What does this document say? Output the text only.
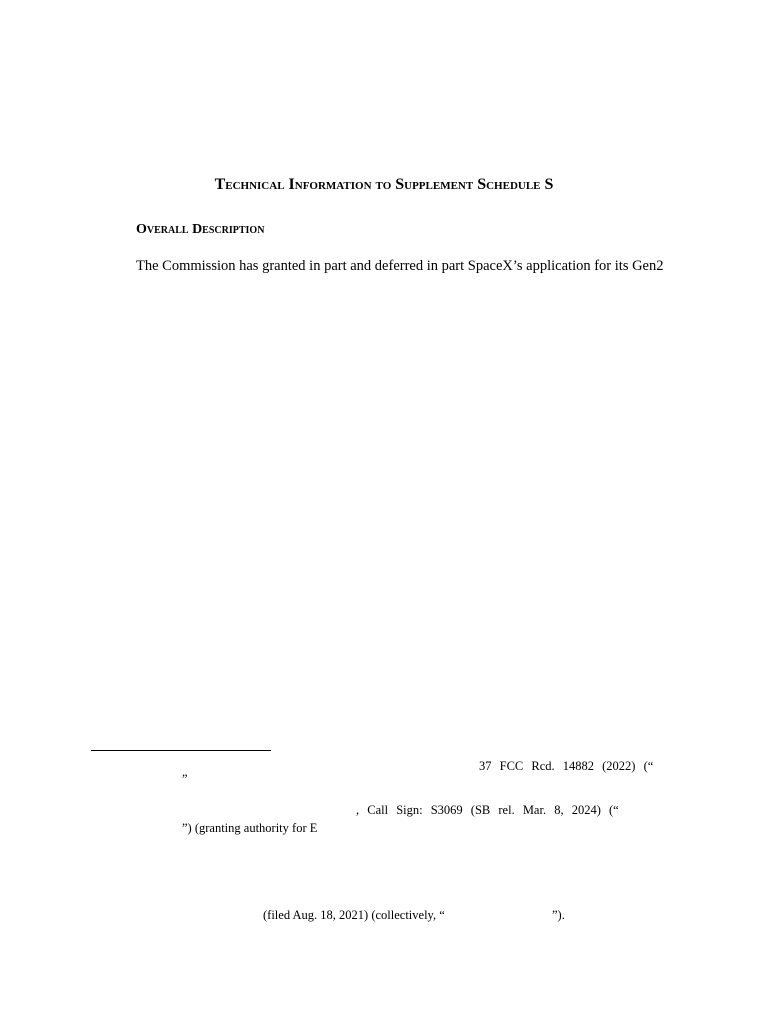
Technical Information to Supplement Schedule S
Overall Description
The Commission has granted in part and deferred in part SpaceX’s application for its Gen2
37 FCC Rcd. 14882 (2022) (“
”
, Call Sign: S3069 (SB rel. Mar. 8, 2024) (“
”) (granting authority for E
(filed Aug. 18, 2021) (collectively, “	”).
